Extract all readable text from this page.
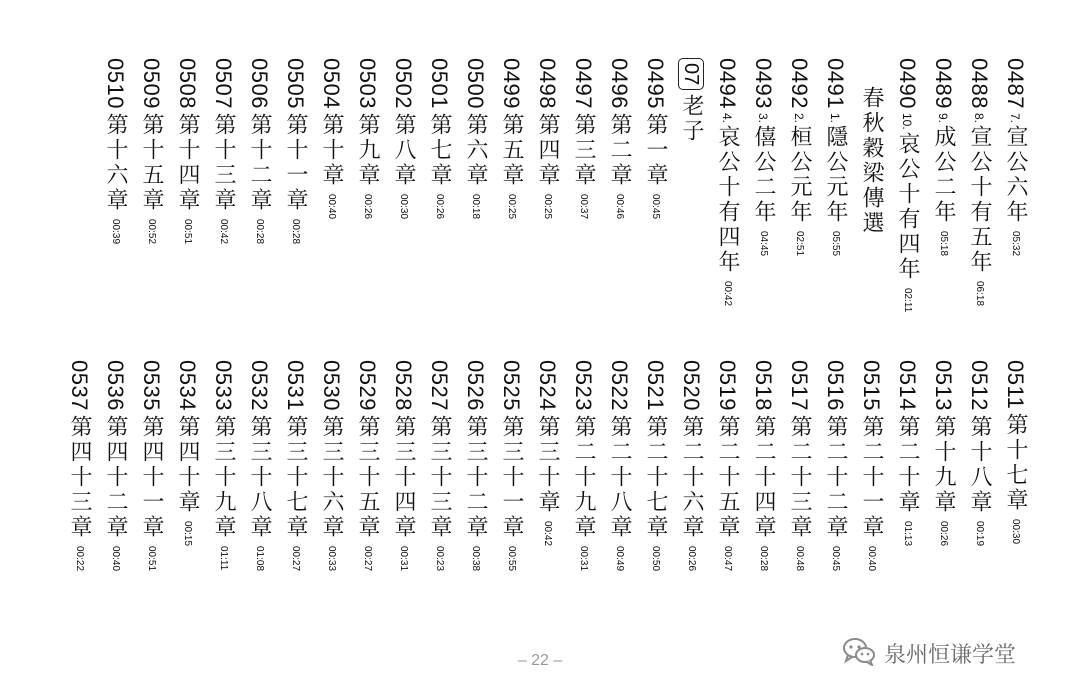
0487
7.
宣公六年
05:32
0488
8.
宣公十有五年
06:18
0489
9.
成公二年
05:18
0490
10.
哀公十有四年
02:11
春秋穀梁傳選
0491
1.
隱公元年
05:55
0492
2.
桓公元年
02:51
0493
3.
僖公二年
04:45
0494
4.
哀公十有四年
00:42
07
老子
0495
第一章
00:45
0496
第二章
00:46
0497
第三章
00:37
0498
第四章
00:25
0499
第五章
00:25
0500
第六章
00:18
0501
第七章
00:26
0502
第八章
00:30
0503
第九章
00:26
0504
第十章
00:40
0505
第十一章
00:28
0506
第十二章
00:28
0507
第十三章
00:42
0508
第十四章
00:51
0509
第十五章
00:52
0510
第十六章
00:39
0511
第十七章
00:30
0512
第十八章
00:19
0513
第十九章
00:26
0514
第二十章
01:13
0515
第二十一章
00:40
0516
第二十二章
00:45
0517
第二十三章
00:48
0518
第二十四章
00:28
0519
第二十五章
00:47
0520
第二十六章
00:26
0521
第二十七章
00:50
0522
第二十八章
00:49
0523
第二十九章
00:31
0524
第三十章
00:42
0525
第三十一章
00:55
0526
第三十二章
00:38
0527
第三十三章
00:23
0528
第三十四章
00:31
0529
第三十五章
00:27
0530
第三十六章
00:33
0531
第三十七章
00:27
0532
第三十八章
01:08
0533
第三十九章
01:11
0534
第四十章
00:15
0535
第四十一章
00:51
0536
第四十二章
00:40
0537
第四十三章
00:22
– 22 –	泉州恒谦学堂
